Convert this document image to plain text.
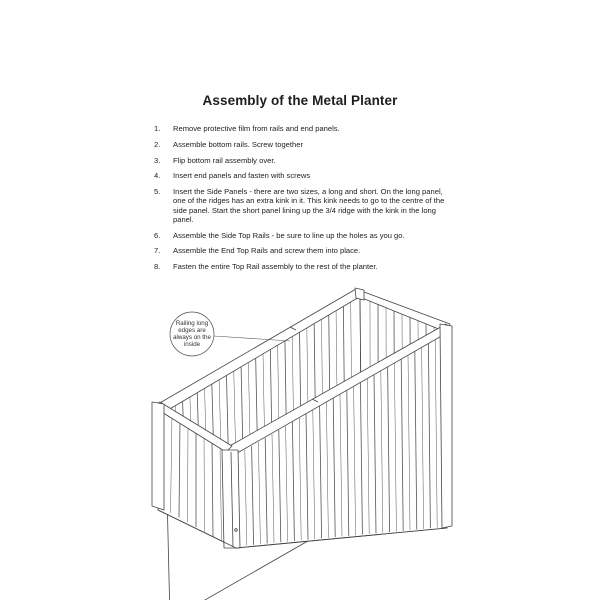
Assembly of the Metal Planter
1. Remove protective film from rails and end panels.
2. Assemble bottom rails. Screw together
3. Flip bottom rail assembly over.
4. Insert end panels and fasten with screws
5. Insert the Side Panels - there are two sizes, a long and short. On the long panel, one of the ridges has an extra kink in it. This kink needs to go to the centre of the side panel. Start the short panel lining up the 3/4 ridge with the kink in the long panel.
6. Assemble the Side Top Rails - be sure to line up the holes as you go.
7. Assemble the End Top Rails and screw them into place.
8. Fasten the entire Top Rail assembly to the rest of the planter.
Railing long
edges are
always on the
inside
